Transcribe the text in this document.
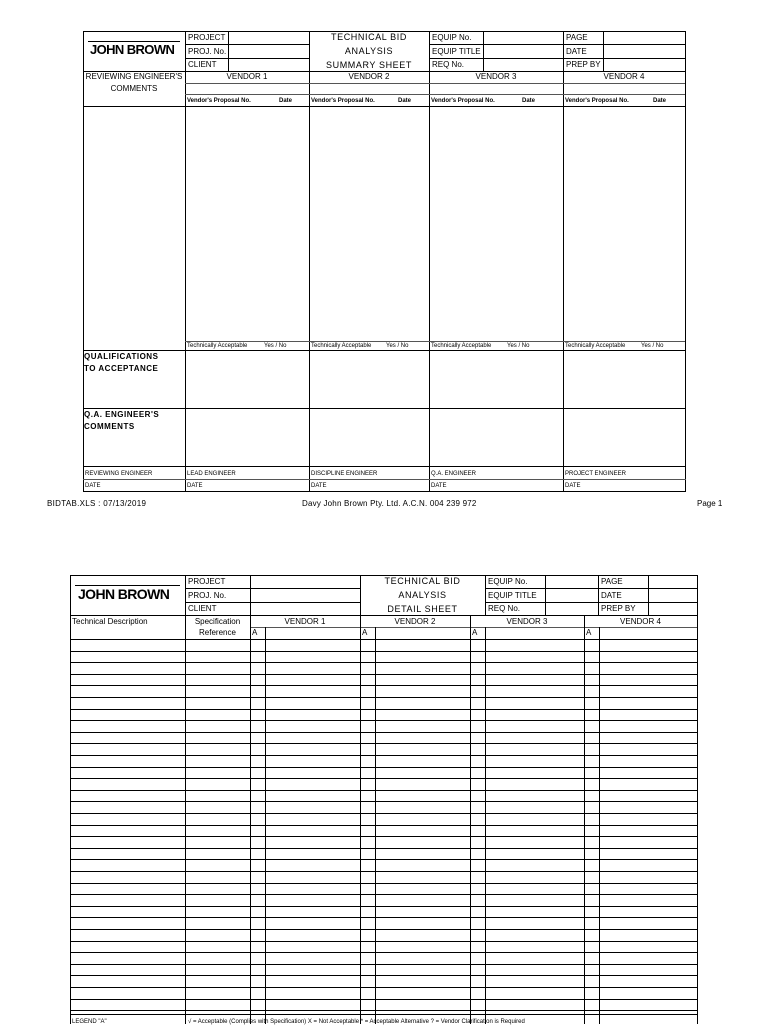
JOHN BROWN
PROJECT
PROJ. No.
CLIENT
TECHNICAL BID
ANALYSIS
SUMMARY SHEET
EQUIP No.
EQUIP TITLE
REQ No.
PAGE
DATE
PREP BY
REVIEWING ENGINEER'S
COMMENTS
VENDOR 1	VENDOR 2	VENDOR 3	VENDOR 4
Vendor's Proposal No.	Date	Vendor's Proposal No.	Date	Vendor's Proposal No.	Date	Vendor's Proposal No.	Date
Technically Acceptable	Yes / No	Technically Acceptable Yes / No	Technically Acceptable	Yes / No	Technically Acceptable	Yes / No
QUALIFICATIONS
TO ACCEPTANCE
Q.A. ENGINEER'S
COMMENTS
REVIEWING ENGINEER	LEAD ENGINEER	DISCIPLINE ENGINEER	Q.A. ENGINEER	PROJECT ENGINEER
DATE	DATE	DATE	DATE	DATE
BIDTAB.XLS : 07/13/2019	Davy John Brown Pty. Ltd. A.C.N. 004 239 972	Page 1
JOHN BROWN
PROJECT
PROJ. No.
CLIENT
TECHNICAL BID
ANALYSIS
DETAIL SHEET
EQUIP No.
EQUIP TITLE
REQ No.
PAGE
DATE
PREP BY
Technical Description	Specification
Reference
VENDOR 1	VENDOR 2	VENDOR 3	VENDOR 4
A	A	A	A
LEGEND "A"	√ = Acceptable (Complies with Specification) X = Not Acceptable * = Acceptable Alternative ? = Vendor Clarification is Required
